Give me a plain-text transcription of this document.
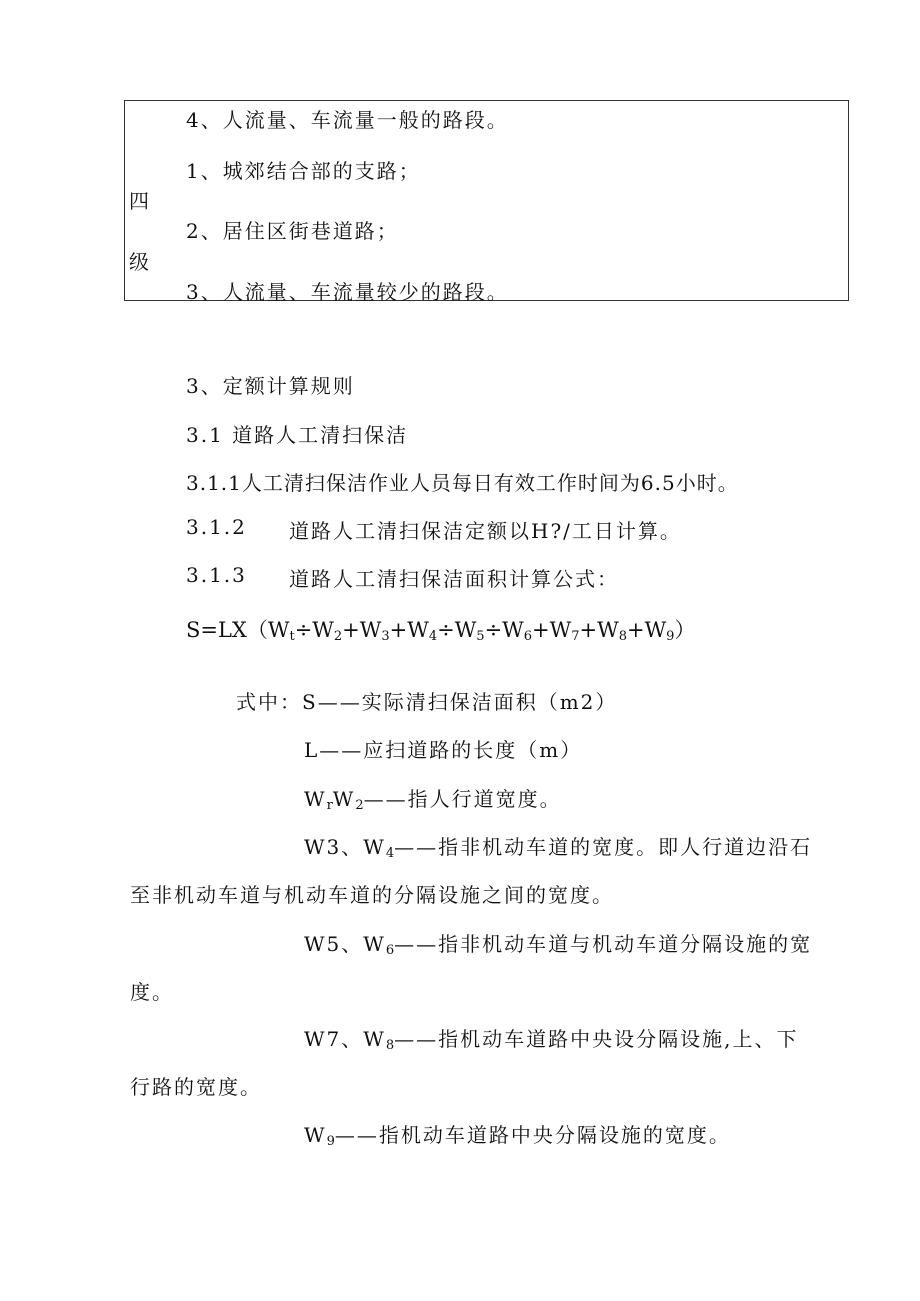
4、人流量、车流量一般的路段。
1、城郊结合部的支路；
四
2、居住区街巷道路；
级
3、人流量、车流量较少的路段。
3、定额计算规则
3.1 道路人工清扫保洁
3.1.1人工清扫保洁作业人员每日有效工作时间为6.5小时。
3.1.2 道路人工清扫保洁定额以H?/工日计算。
3.1.3 道路人工清扫保洁面积计算公式：
$S=LX(W_t\div W_2+W_3+W_4\div W_5\div W_6+W_7+W_8+W_9)$
式中：S——实际清扫保洁面积（m2）
L——应扫道路的长度（m）
$W_rW_2——$指人行道宽度。
W3、$W_4——$指非机动车道的宽度。即人行道边沿石
至非机动车道与机动车道的分隔设施之间的宽度。
W5、$W_6——$指非机动车道与机动车道分隔设施的宽
度。
W7、$W_8——$指机动车道路中央设分隔设施,上、下
行路的宽度。
$W_9——$指机动车道路中央分隔设施的宽度。
